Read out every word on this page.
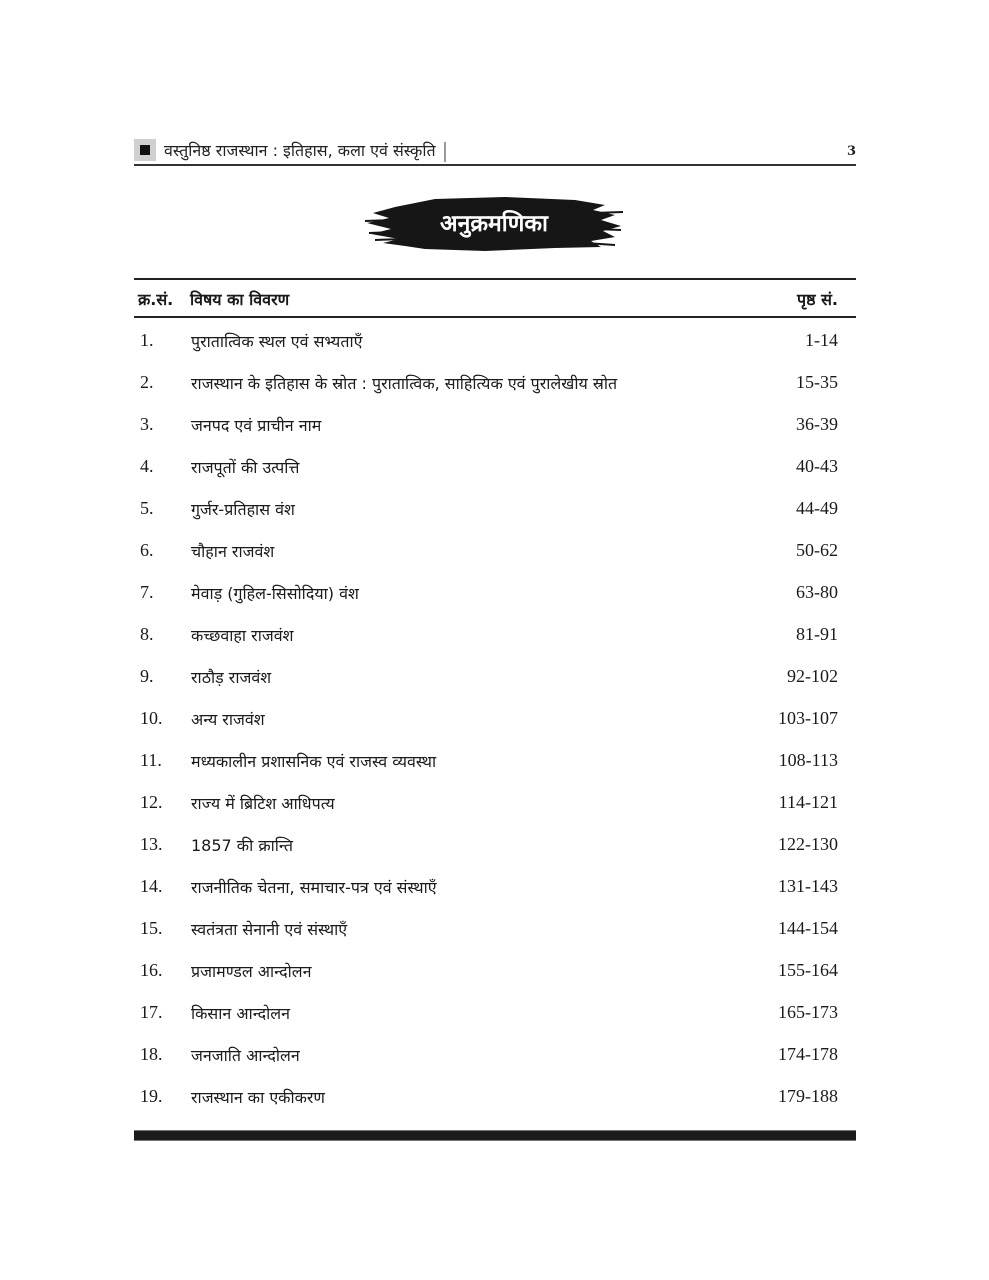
वस्तुनिष्ठ राजस्थान : इतिहास, कला एवं संस्कृति	3
अनुक्रमणिका
क्र.सं. विषय का विवरण	पृष्ठ सं.
1. पुरातात्विक स्थल एवं सभ्यताएँ	1-14
2. राजस्थान के इतिहास के स्रोत : पुरातात्विक, साहित्यिक एवं पुरालेखीय स्रोत	15-35
3. जनपद एवं प्राचीन नाम	36-39
4. राजपूतों की उत्पत्ति	40-43
5. गुर्जर-प्रतिहास वंश	44-49
6. चौहान राजवंश	50-62
7. मेवाड़ (गुहिल-सिसोदिया) वंश	63-80
8. कच्छवाहा राजवंश	81-91
9. राठौड़ राजवंश	92-102
10. अन्य राजवंश	103-107
11. मध्यकालीन प्रशासनिक एवं राजस्व व्यवस्था	108-113
12. राज्य में ब्रिटिश आधिपत्य	114-121
13. 1857 की क्रान्ति	122-130
14. राजनीतिक चेतना, समाचार-पत्र एवं संस्थाएँ	131-143
15. स्वतंत्रता सेनानी एवं संस्थाएँ	144-154
16. प्रजामण्डल आन्दोलन	155-164
17. किसान आन्दोलन	165-173
18. जनजाति आन्दोलन	174-178
19. राजस्थान का एकीकरण	179-188
